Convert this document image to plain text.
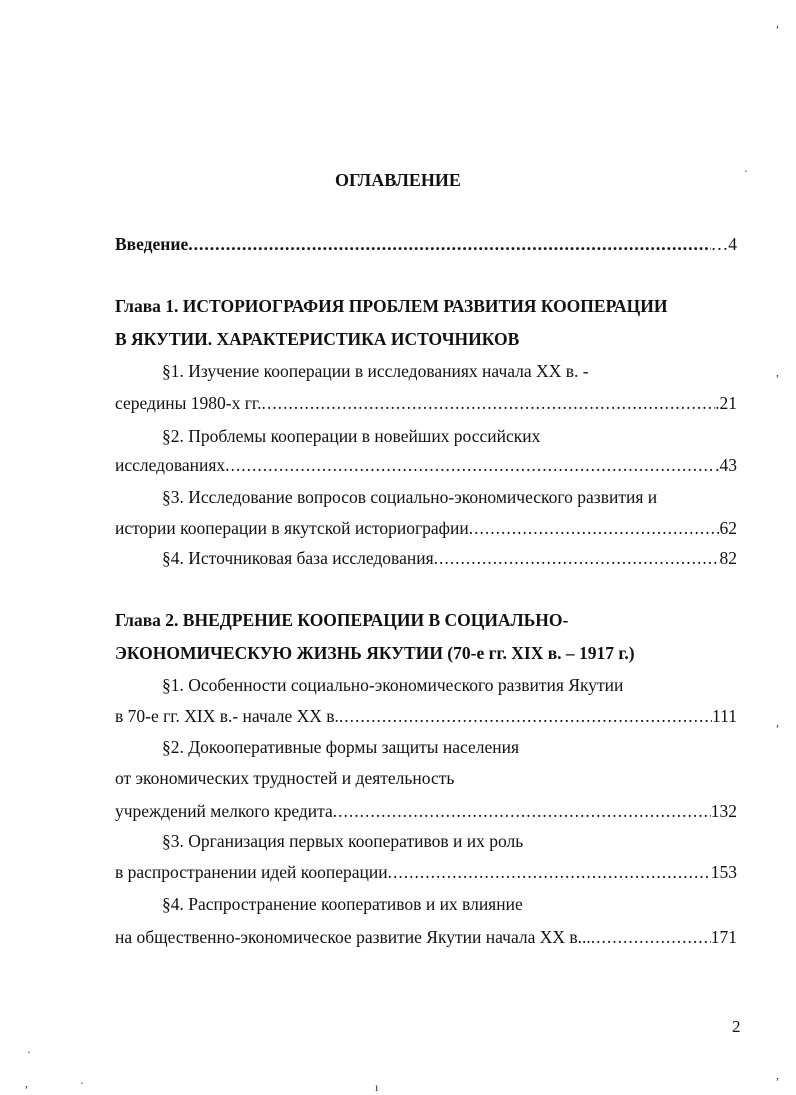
ОГЛАВЛЕНИЕ
Введение .....	…4
Глава 1. ИСТОРИОГРАФИЯ ПРОБЛЕМ РАЗВИТИЯ КООПЕРАЦИИ
В ЯКУТИИ. ХАРАКТЕРИСТИКА ИСТОЧНИКОВ
§1. Изучение кооперации в исследованиях начала XX в. -
середины 1980-х гг. .....	.21
§2. Проблемы кооперации в новейших российских
исследованиях .....	.43
§3. Исследование вопросов социально-экономического развития и
истории кооперации в якутской историографии .....	62
§4. Источниковая база исследования .....	82
Глава 2. ВНЕДРЕНИЕ КООПЕРАЦИИ В СОЦИАЛЬНО-
ЭКОНОМИЧЕСКУЮ ЖИЗНЬ ЯКУТИИ (70-е гг. XIX в. – 1917 г.)
§1. Особенности социально-экономического развития Якутии
в 70-е гг. XIX в.- начале XX в. .....	111
§2. Докооперативные формы защиты населения
от экономических трудностей и деятельность
учреждений мелкого кредита .....	132
§3. Организация первых кооперативов и их роль
в распространении идей кооперации .....	153
§4. Распространение кооперативов и их влияние
на общественно-экономическое развитие Якутии начала XX в... .....	171
2
,
·
,
,
·
,	·	ı
,
